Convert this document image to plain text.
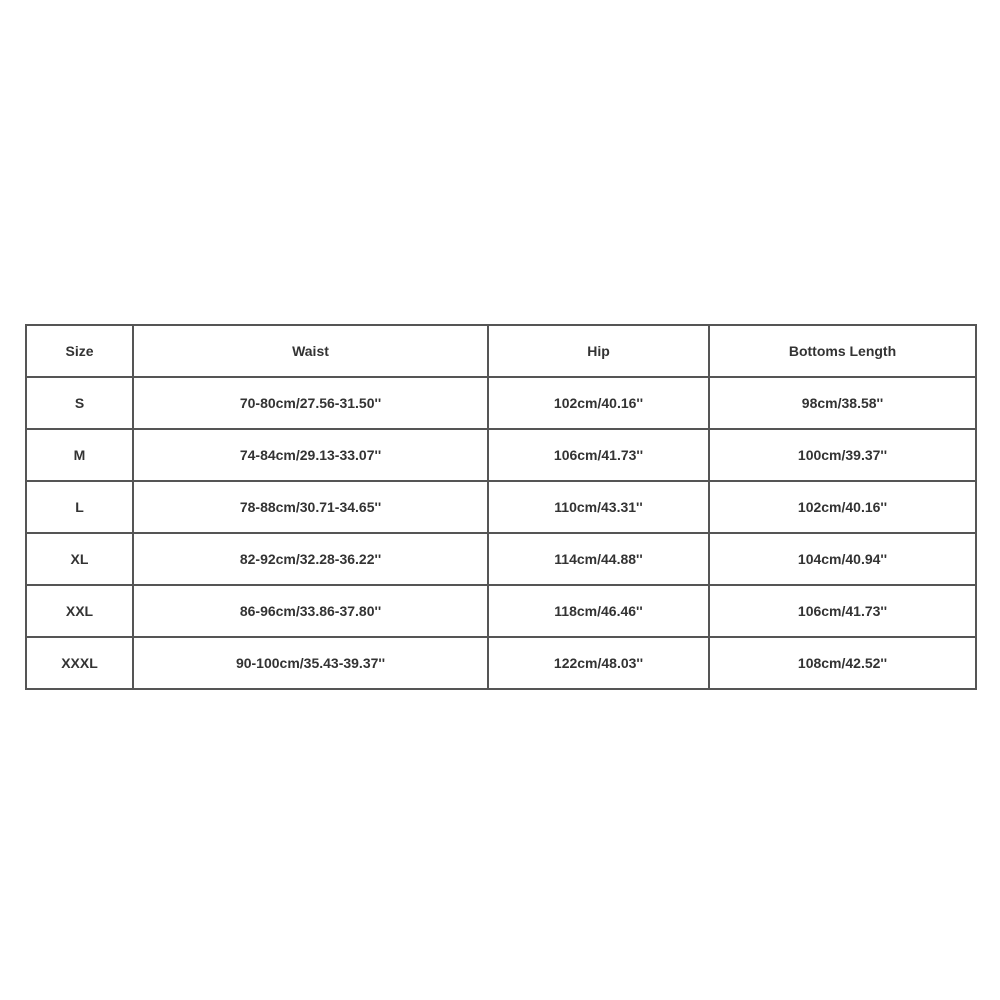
Size	Waist	Hip	Bottoms Length
S	70-80cm/27.56-31.50''	102cm/40.16''	98cm/38.58''
M	74-84cm/29.13-33.07''	106cm/41.73''	100cm/39.37''
L	78-88cm/30.71-34.65''	110cm/43.31''	102cm/40.16''
XL	82-92cm/32.28-36.22''	114cm/44.88''	104cm/40.94''
XXL	86-96cm/33.86-37.80''	118cm/46.46''	106cm/41.73''
XXXL	90-100cm/35.43-39.37''	122cm/48.03''	108cm/42.52''
